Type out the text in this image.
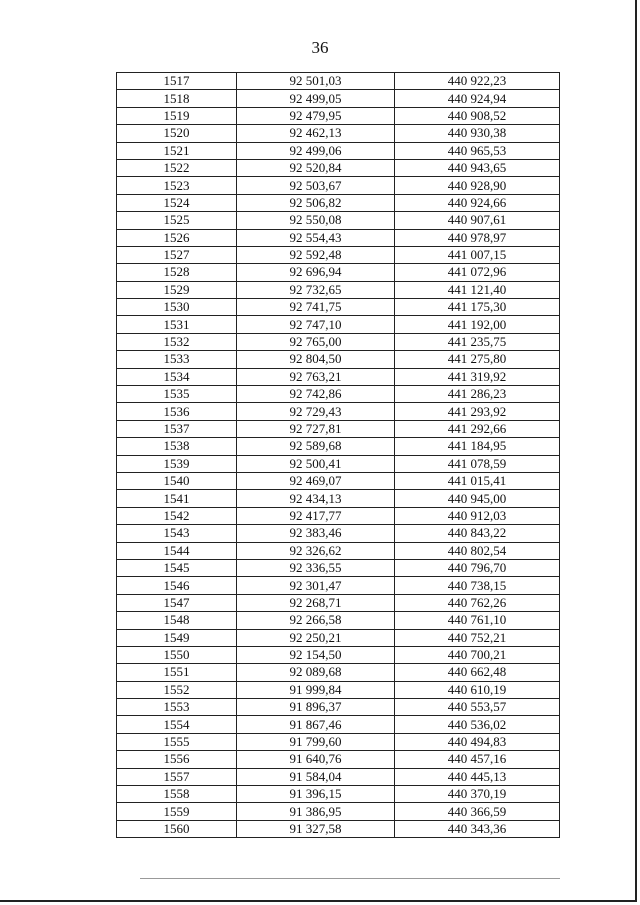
36
1517	92 501,03	440 922,23
1518	92 499,05	440 924,94
1519	92 479,95	440 908,52
1520	92 462,13	440 930,38
1521	92 499,06	440 965,53
1522	92 520,84	440 943,65
1523	92 503,67	440 928,90
1524	92 506,82	440 924,66
1525	92 550,08	440 907,61
1526	92 554,43	440 978,97
1527	92 592,48	441 007,15
1528	92 696,94	441 072,96
1529	92 732,65	441 121,40
1530	92 741,75	441 175,30
1531	92 747,10	441 192,00
1532	92 765,00	441 235,75
1533	92 804,50	441 275,80
1534	92 763,21	441 319,92
1535	92 742,86	441 286,23
1536	92 729,43	441 293,92
1537	92 727,81	441 292,66
1538	92 589,68	441 184,95
1539	92 500,41	441 078,59
1540	92 469,07	441 015,41
1541	92 434,13	440 945,00
1542	92 417,77	440 912,03
1543	92 383,46	440 843,22
1544	92 326,62	440 802,54
1545	92 336,55	440 796,70
1546	92 301,47	440 738,15
1547	92 268,71	440 762,26
1548	92 266,58	440 761,10
1549	92 250,21	440 752,21
1550	92 154,50	440 700,21
1551	92 089,68	440 662,48
1552	91 999,84	440 610,19
1553	91 896,37	440 553,57
1554	91 867,46	440 536,02
1555	91 799,60	440 494,83
1556	91 640,76	440 457,16
1557	91 584,04	440 445,13
1558	91 396,15	440 370,19
1559	91 386,95	440 366,59
1560	91 327,58	440 343,36
